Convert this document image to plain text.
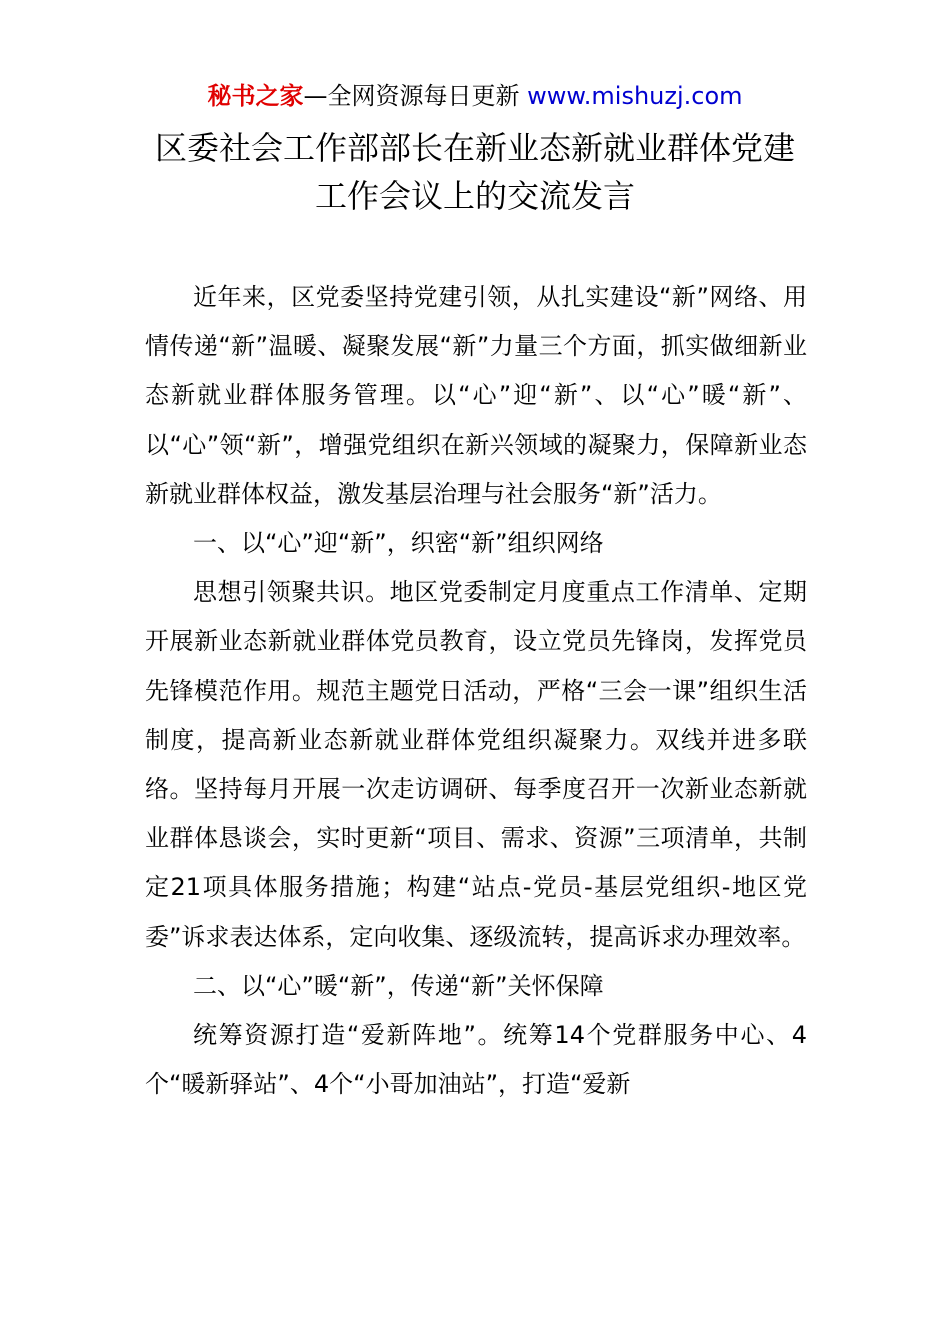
秘书之家—全网资源每日更新 www.mishuzj.com
区委社会工作部部长在新业态新就业群体党建
工作会议上的交流发言

近年来，区党委坚持党建引领，从扎实建设“新”网络、用情传递“新”温暖、凝聚发展“新”力量三个方面，抓实做细新业态新就业群体服务管理。以“心”迎“新”、以“心”暖“新”、以“心”领“新”，增强党组织在新兴领域的凝聚力，保障新业态新就业群体权益，激发基层治理与社会服务“新”活力。

一、以“心”迎“新”，织密“新”组织网络

思想引领聚共识。地区党委制定月度重点工作清单、定期开展新业态新就业群体党员教育，设立党员先锋岗，发挥党员先锋模范作用。规范主题党日活动，严格“三会一课”组织生活制度，提高新业态新就业群体党组织凝聚力。双线并进多联络。坚持每月开展一次走访调研、每季度召开一次新业态新就业群体恳谈会，实时更新“项目、需求、资源”三项清单，共制定21项具体服务措施；构建“站点-党员-基层党组织-地区党委”诉求表达体系，定向收集、逐级流转，提高诉求办理效率。

二、以“心”暖“新”，传递“新”关怀保障

统筹资源打造“爱新阵地”。统筹14个党群服务中心、4个“暖新驿站”、4个“小哥加油站”，打造“爱新
